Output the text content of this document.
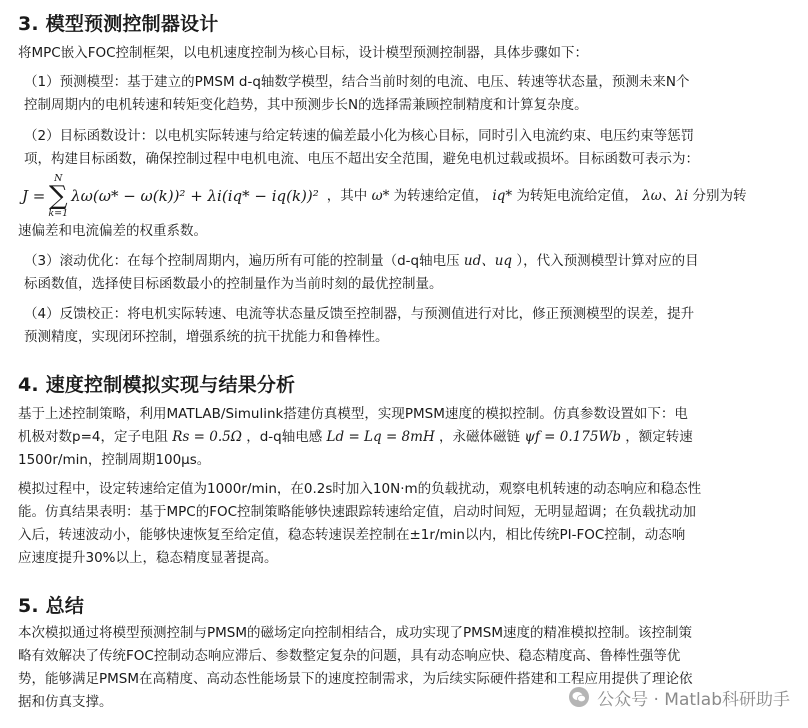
3. 模型预测控制器设计

将MPC嵌入FOC控制框架，以电机速度控制为核心目标，设计模型预测控制器，具体步骤如下：

（1）预测模型：基于建立的PMSM d-q轴数学模型，结合当前时刻的电流、电压、转速等状态量，预测未来N个

控制周期内的电机转速和转矩变化趋势，其中预测步长N的选择需兼顾控制精度和计算复杂度。

（2）目标函数设计：以电机实际转速与给定转速的偏差最小化为核心目标，同时引入电流约束、电压约束等惩罚

项，构建目标函数，确保控制过程中电机电流、电压不超出安全范围，避免电机过载或损坏。目标函数可表示为：

J =
N
∑
k=1
λω(ω* − ω(k))² + λi(iq* − iq(k))² ，其中 ω* 为转速给定值， iq* 为转矩电流给定值， λω、λi 分别为转

速偏差和电流偏差的权重系数。

（3）滚动优化：在每个控制周期内，遍历所有可能的控制量（d-q轴电压 ud、uq ），代入预测模型计算对应的目

标函数值，选择使目标函数最小的控制量作为当前时刻的最优控制量。

（4）反馈校正：将电机实际转速、电流等状态量反馈至控制器，与预测值进行对比，修正预测模型的误差，提升

预测精度，实现闭环控制，增强系统的抗干扰能力和鲁棒性。

4. 速度控制模拟实现与结果分析

基于上述控制策略，利用MATLAB/Simulink搭建仿真模型，实现PMSM速度的模拟控制。仿真参数设置如下：电

机极对数p=4，定子电阻 Rs = 0.5Ω ，d-q轴电感 Ld = Lq = 8mH ，永磁体磁链 ψf = 0.175Wb ，额定转速

1500r/min，控制周期100μs。

模拟过程中，设定转速给定值为1000r/min，在0.2s时加入10N·m的负载扰动，观察电机转速的动态响应和稳态性

能。仿真结果表明：基于MPC的FOC控制策略能够快速跟踪转速给定值，启动时间短，无明显超调；在负载扰动加

入后，转速波动小，能够快速恢复至给定值，稳态转速误差控制在±1r/min以内，相比传统PI-FOC控制，动态响

应速度提升30%以上，稳态精度显著提高。

5. 总结

本次模拟通过将模型预测控制与PMSM的磁场定向控制相结合，成功实现了PMSM速度的精准模拟控制。该控制策

略有效解决了传统FOC控制动态响应滞后、参数整定复杂的问题，具有动态响应快、稳态精度高、鲁棒性强等优

势，能够满足PMSM在高精度、高动态性能场景下的速度控制需求，为后续实际硬件搭建和工程应用提供了理论依

据和仿真支撑。	公众号 · Matlab科研助手
